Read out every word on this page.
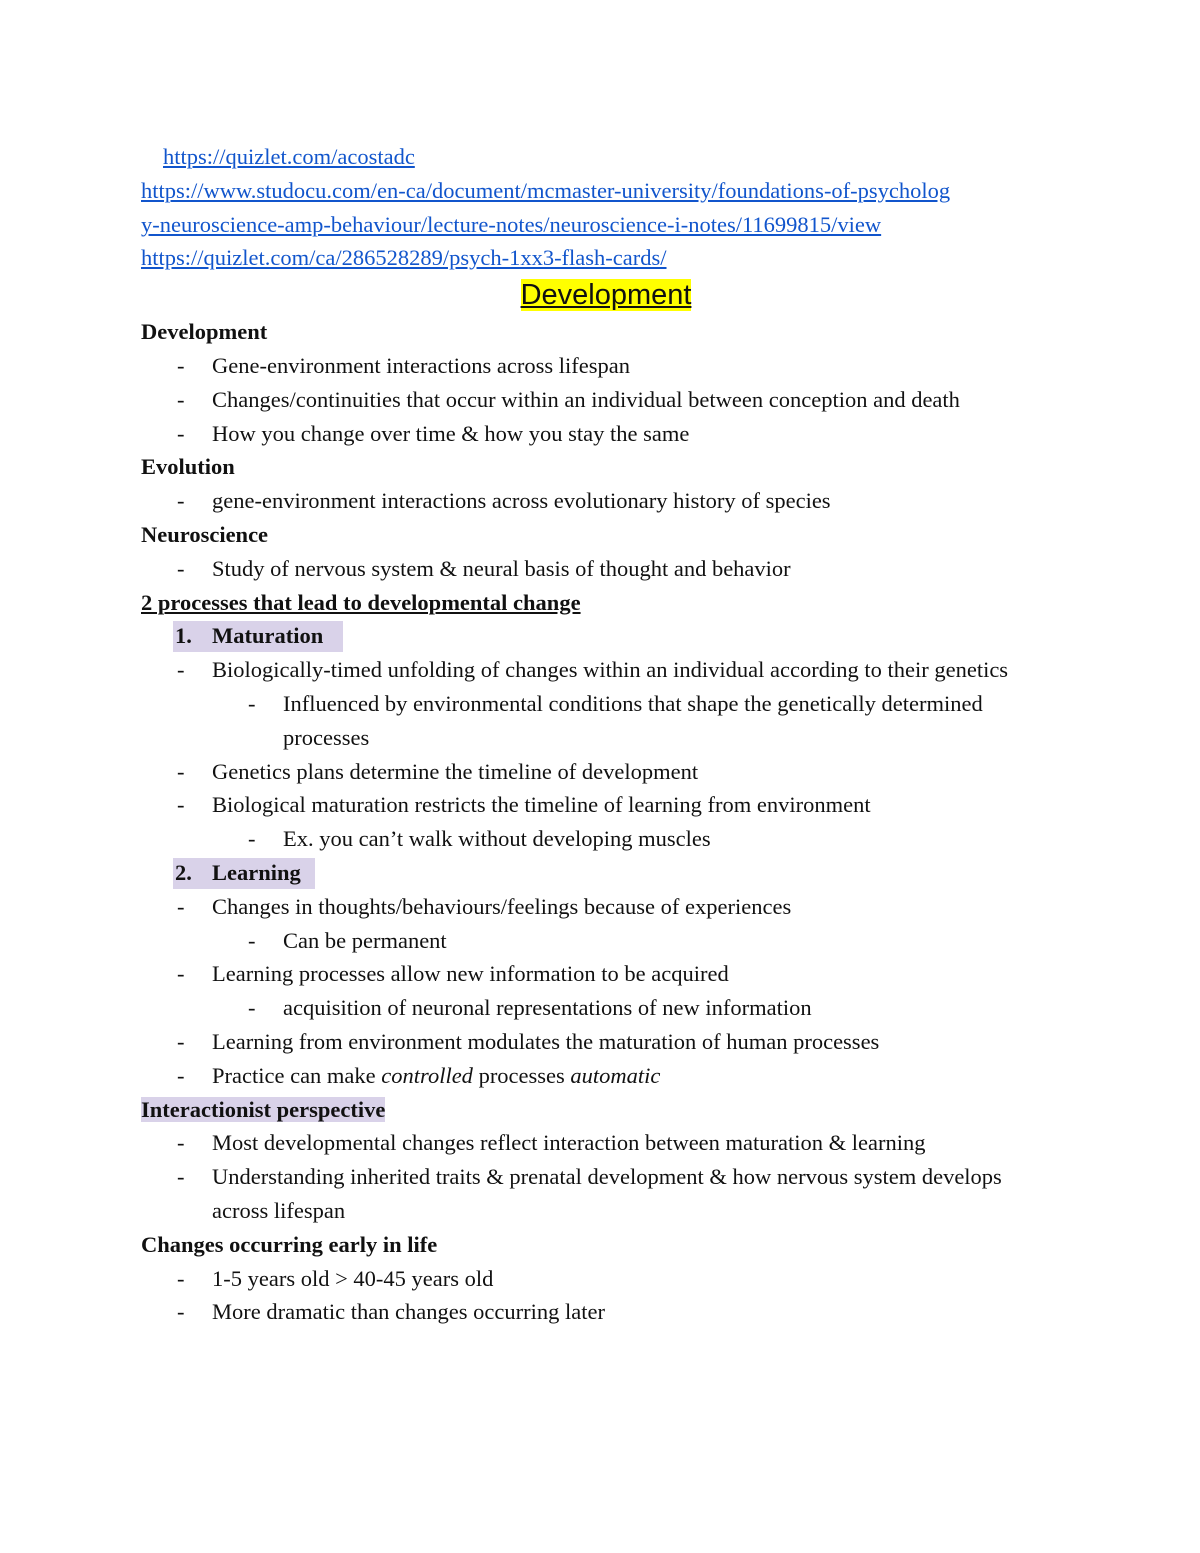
https://quizlet.com/acostadc
https://www.studocu.com/en-ca/document/mcmaster-university/foundations-of-psycholog
y-neuroscience-amp-behaviour/lecture-notes/neuroscience-i-notes/11699815/view
https://quizlet.com/ca/286528289/psych-1xx3-flash-cards/
Development
Development
- Gene-environment interactions across lifespan
- Changes/continuities that occur within an individual between conception and death
- How you change over time & how you stay the same
Evolution
- gene-environment interactions across evolutionary history of species
Neuroscience
- Study of nervous system & neural basis of thought and behavior
2 processes that lead to developmental change
1. Maturation
- Biologically-timed unfolding of changes within an individual according to their genetics
- Influenced by environmental conditions that shape the genetically determined processes
- Genetics plans determine the timeline of development
- Biological maturation restricts the timeline of learning from environment
- Ex. you can’t walk without developing muscles
2. Learning
- Changes in thoughts/behaviours/feelings because of experiences
- Can be permanent
- Learning processes allow new information to be acquired
- acquisition of neuronal representations of new information
- Learning from environment modulates the maturation of human processes
- Practice can make controlled processes automatic
Interactionist perspective
- Most developmental changes reflect interaction between maturation & learning
- Understanding inherited traits & prenatal development & how nervous system develops across lifespan
Changes occurring early in life
- 1-5 years old > 40-45 years old
- More dramatic than changes occurring later
